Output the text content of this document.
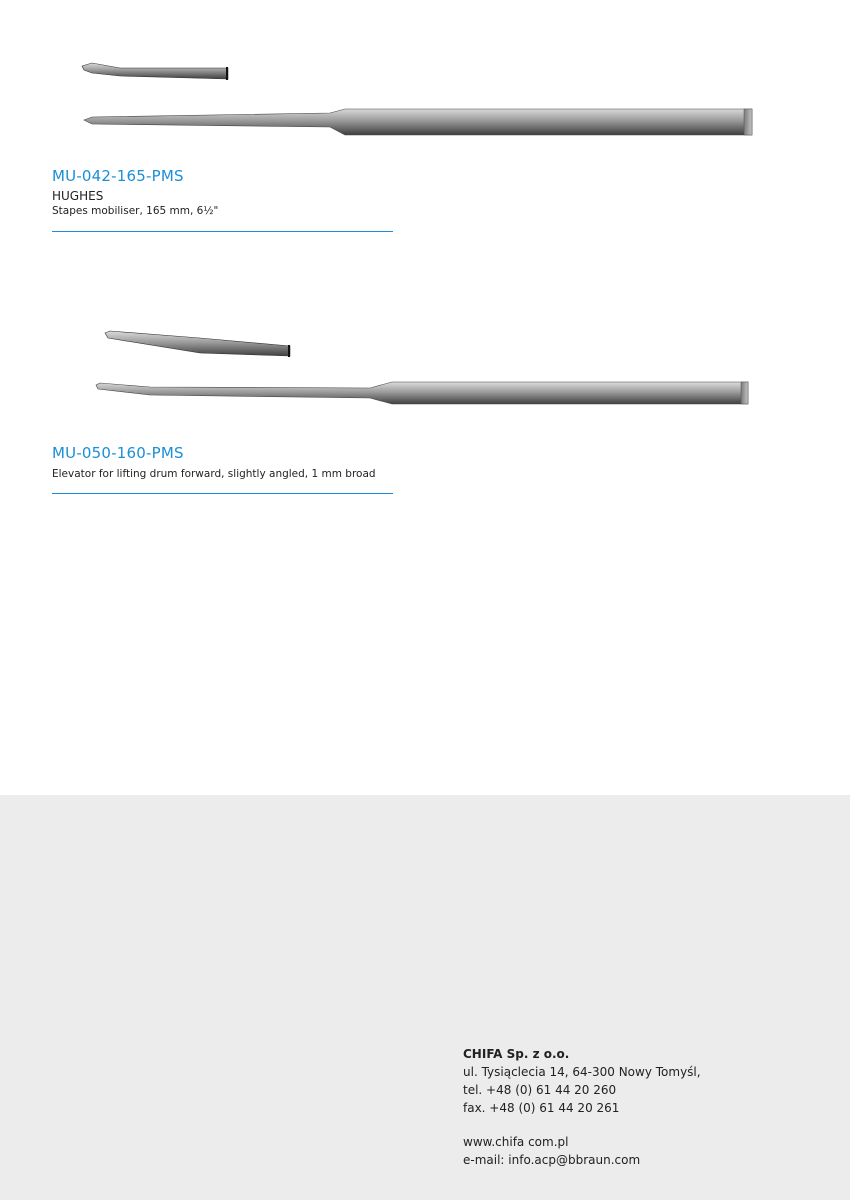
MU-042-165-PMS
HUGHES
Stapes mobiliser, 165 mm, 6½"
MU-050-160-PMS
Elevator for lifting drum forward, slightly angled, 1 mm broad
CHIFA Sp. z o.o.
ul. Tysiąclecia 14, 64-300 Nowy Tomyśl,
tel. +48 (0) 61 44 20 260
fax. +48 (0) 61 44 20 261
www.chifa com.pl
e-mail: info.acp@bbraun.com
